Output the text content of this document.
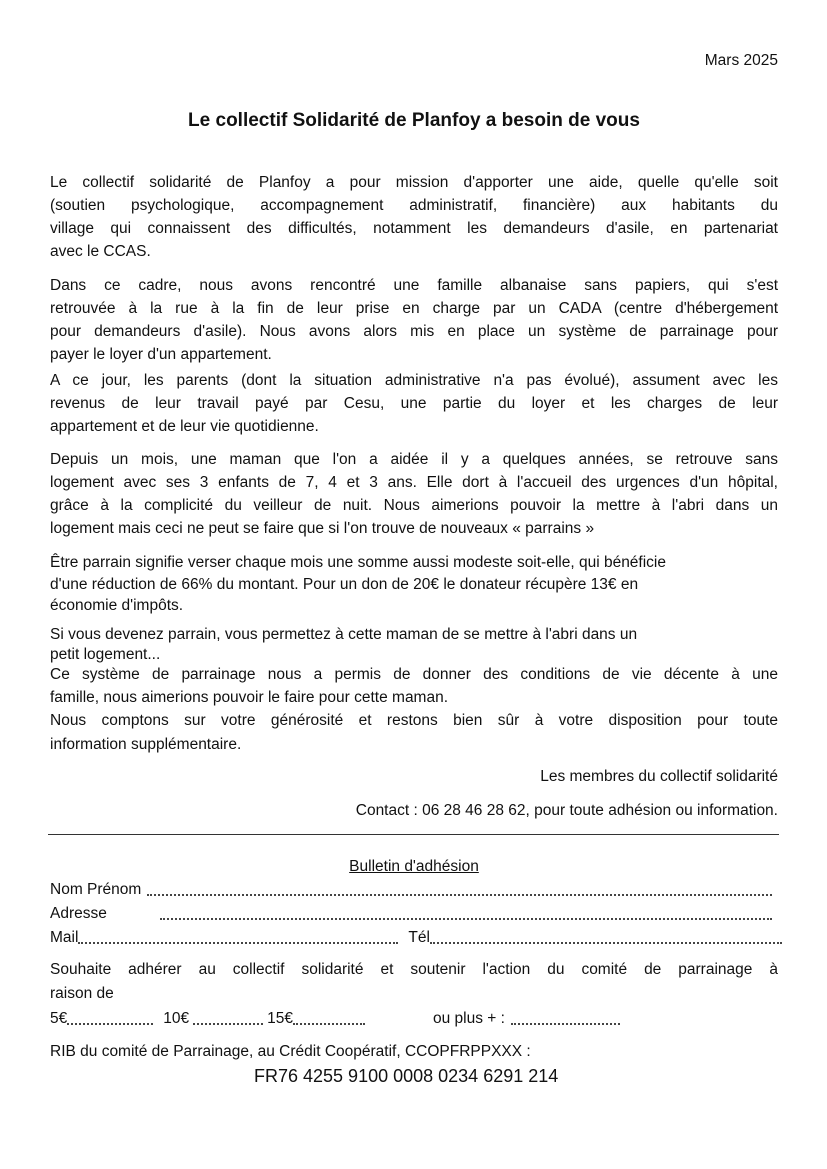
Mars 2025
Le collectif Solidarité de Planfoy a besoin de vous
Le collectif solidarité de Planfoy a pour mission d'apporter une aide, quelle qu'elle soit
(soutien psychologique, accompagnement administratif, financière) aux habitants du
village qui connaissent des difficultés, notamment les demandeurs d'asile, en partenariat
avec le CCAS.
Dans ce cadre, nous avons rencontré une famille albanaise sans papiers, qui s'est
retrouvée à la rue à la fin de leur prise en charge par un CADA (centre d'hébergement
pour demandeurs d'asile). Nous avons alors mis en place un système de parrainage pour
payer le loyer d'un appartement.
A ce jour, les parents (dont la situation administrative n'a pas évolué), assument avec les
revenus de leur travail payé par Cesu, une partie du loyer et les charges de leur
appartement et de leur vie quotidienne.
Depuis un mois, une maman que l'on a aidée il y a quelques années, se retrouve sans
logement avec ses 3 enfants de 7, 4 et 3 ans. Elle dort à l'accueil des urgences d'un hôpital,
grâce à la complicité du veilleur de nuit. Nous aimerions pouvoir la mettre à l'abri dans un
logement mais ceci ne peut se faire que si l'on trouve de nouveaux « parrains »
Être parrain signifie verser chaque mois une somme aussi modeste soit-elle, qui bénéficie
d'une réduction de 66% du montant. Pour un don de 20€ le donateur récupère 13€ en
économie d'impôts.
Si vous devenez parrain, vous permettez à cette maman de se mettre à l'abri dans un
petit logement...
Ce système de parrainage nous a permis de donner des conditions de vie décente à une
famille, nous aimerions pouvoir le faire pour cette maman.
Nous comptons sur votre générosité et restons bien sûr à votre disposition pour toute
information supplémentaire.
Les membres du collectif solidarité
Contact : 06 28 46 28 62, pour toute adhésion ou information.
Bulletin d'adhésion
Nom Prénom
Adresse
Mail	Tél
Souhaite adhérer au collectif solidarité et soutenir l'action du comité de parrainage à
raison de
5€	10€	15€	ou plus + :
RIB du comité de Parrainage, au Crédit Coopératif, CCOPFRPPXXX :
FR76 4255 9100 0008 0234 6291 214
